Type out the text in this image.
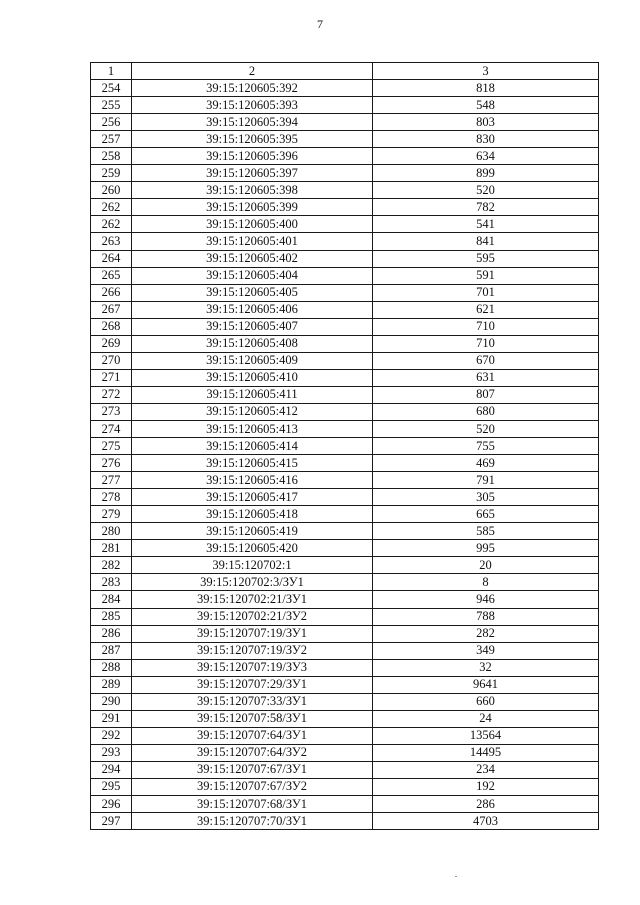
7
1	2	3
254	39:15:120605:392	818
255	39:15:120605:393	548
256	39:15:120605:394	803
257	39:15:120605:395	830
258	39:15:120605:396	634
259	39:15:120605:397	899
260	39:15:120605:398	520
262	39:15:120605:399	782
262	39:15:120605:400	541
263	39:15:120605:401	841
264	39:15:120605:402	595
265	39:15:120605:404	591
266	39:15:120605:405	701
267	39:15:120605:406	621
268	39:15:120605:407	710
269	39:15:120605:408	710
270	39:15:120605:409	670
271	39:15:120605:410	631
272	39:15:120605:411	807
273	39:15:120605:412	680
274	39:15:120605:413	520
275	39:15:120605:414	755
276	39:15:120605:415	469
277	39:15:120605:416	791
278	39:15:120605:417	305
279	39:15:120605:418	665
280	39:15:120605:419	585
281	39:15:120605:420	995
282	39:15:120702:1	20
283	39:15:120702:3/ЗУ1	8
284	39:15:120702:21/ЗУ1	946
285	39:15:120702:21/ЗУ2	788
286	39:15:120707:19/ЗУ1	282
287	39:15:120707:19/ЗУ2	349
288	39:15:120707:19/ЗУ3	32
289	39:15:120707:29/ЗУ1	9641
290	39:15:120707:33/ЗУ1	660
291	39:15:120707:58/ЗУ1	24
292	39:15:120707:64/ЗУ1	13564
293	39:15:120707:64/ЗУ2	14495
294	39:15:120707:67/ЗУ1	234
295	39:15:120707:67/ЗУ2	192
296	39:15:120707:68/ЗУ1	286
297	39:15:120707:70/ЗУ1	4703
